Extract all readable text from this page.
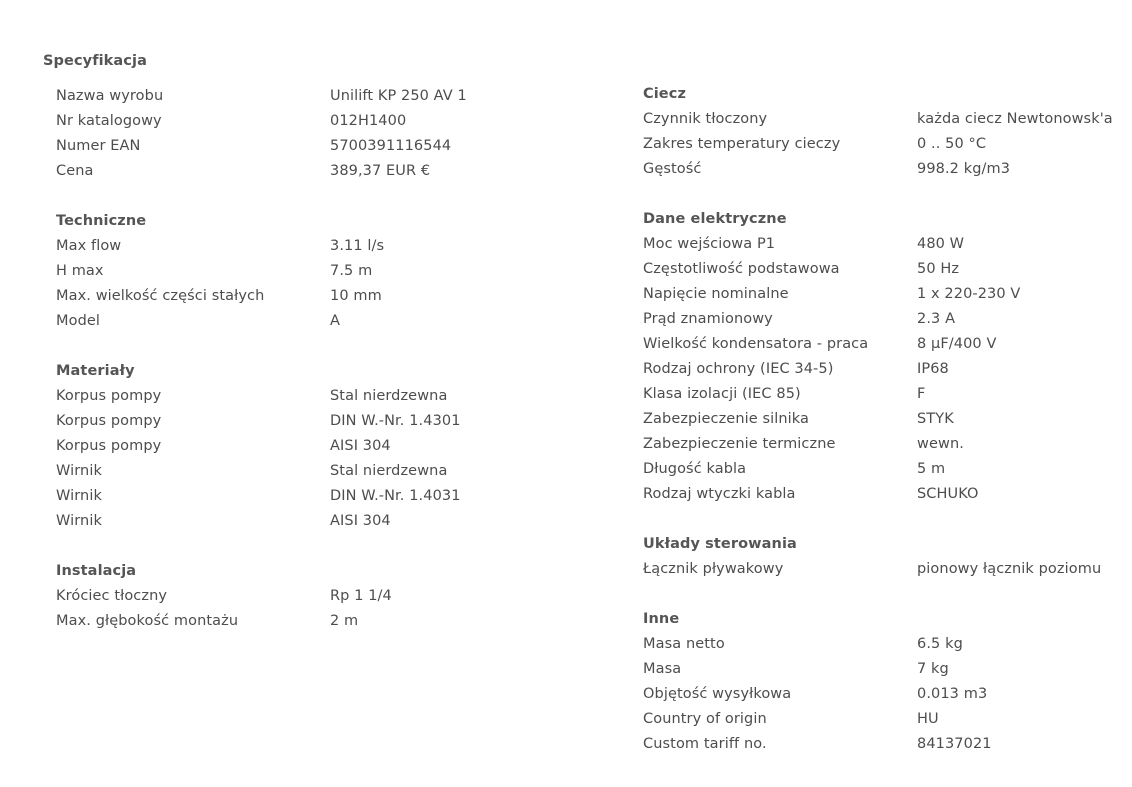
Specyfikacja
Nazwa wyrobu	Unilift KP 250 AV 1
Nr katalogowy	012H1400
Numer EAN	5700391116544
Cena	389,37 EUR €
Techniczne
Max flow	3.11 l/s
H max	7.5 m
Max. wielkość części stałych	10 mm
Model	A
Materiały
Korpus pompy	Stal nierdzewna
Korpus pompy	DIN W.-Nr. 1.4301
Korpus pompy	AISI 304
Wirnik	Stal nierdzewna
Wirnik	DIN W.-Nr. 1.4031
Wirnik	AISI 304
Instalacja
Króciec tłoczny	Rp 1 1/4
Max. głębokość montażu	2 m
Ciecz
Czynnik tłoczony	każda ciecz Newtonowsk'a
Zakres temperatury cieczy	0 .. 50 °C
Gęstość	998.2 kg/m3
Dane elektryczne
Moc wejściowa P1	480 W
Częstotliwość podstawowa	50 Hz
Napięcie nominalne	1 x 220-230 V
Prąd znamionowy	2.3 A
Wielkość kondensatora - praca	8 µF/400 V
Rodzaj ochrony (IEC 34-5)	IP68
Klasa izolacji (IEC 85)	F
Zabezpieczenie silnika	STYK
Zabezpieczenie termiczne	wewn.
Długość kabla	5 m
Rodzaj wtyczki kabla	SCHUKO
Układy sterowania
Łącznik pływakowy	pionowy łącznik poziomu
Inne
Masa netto	6.5 kg
Masa	7 kg
Objętość wysyłkowa	0.013 m3
Country of origin	HU
Custom tariff no.	84137021
